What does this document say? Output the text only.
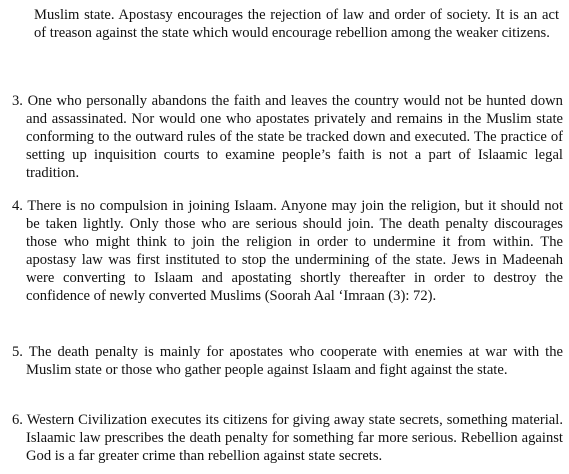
Muslim state. Apostasy encourages the rejection of law and order of society. It is an act of treason against the state which would encourage rebellion among the weaker citizens.

3. One who personally abandons the faith and leaves the country would not be hunted down and assassinated. Nor would one who apostates privately and remains in the Muslim state conforming to the outward rules of the state be tracked down and executed. The practice of setting up inquisition courts to examine people’s faith is not a part of Islaamic legal tradition.

4. There is no compulsion in joining Islaam. Anyone may join the religion, but it should not be taken lightly. Only those who are serious should join. The death penalty discourages those who might think to join the religion in order to undermine it from within. The apostasy law was first instituted to stop the undermining of the state. Jews in Madeenah were converting to Islaam and apostating shortly thereafter in order to destroy the confidence of newly converted Muslims (Soorah Aal ‘Imraan (3): 72).

5. The death penalty is mainly for apostates who cooperate with enemies at war with the Muslim state or those who gather people against Islaam and fight against the state.

6. Western Civilization executes its citizens for giving away state secrets, something material. Islaamic law prescribes the death penalty for something far more serious. Rebellion against God is a far greater crime than rebellion against state secrets.
